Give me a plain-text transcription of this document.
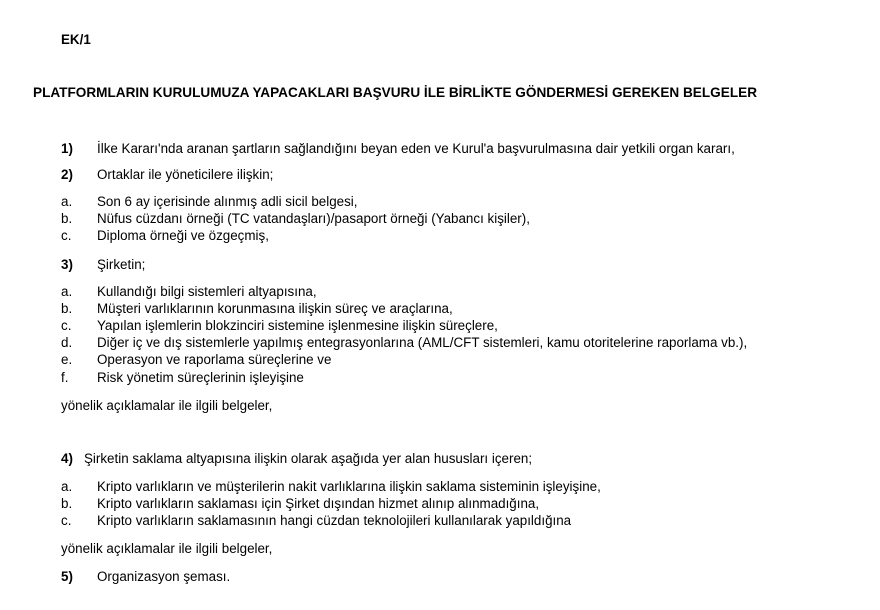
EK/1
PLATFORMLARIN KURULUMUZA YAPACAKLARI BAŞVURU İLE BİRLİKTE GÖNDERMESİ GEREKEN BELGELER
1) İlke Kararı'nda aranan şartların sağlandığını beyan eden ve Kurul'a başvurulmasına dair yetkili organ kararı,
2) Ortaklar ile yöneticilere ilişkin;
a. Son 6 ay içerisinde alınmış adli sicil belgesi,
b. Nüfus cüzdanı örneği (TC vatandaşları)/pasaport örneği (Yabancı kişiler),
c. Diploma örneği ve özgeçmiş,
3) Şirketin;
a. Kullandığı bilgi sistemleri altyapısına,
b. Müşteri varlıklarının korunmasına ilişkin süreç ve araçlarına,
c. Yapılan işlemlerin blokzinciri sistemine işlenmesine ilişkin süreçlere,
d. Diğer iç ve dış sistemlerle yapılmış entegrasyonlarına (AML/CFT sistemleri, kamu otoritelerine raporlama vb.),
e. Operasyon ve raporlama süreçlerine ve
f. Risk yönetim süreçlerinin işleyişine
yönelik açıklamalar ile ilgili belgeler,
4) Şirketin saklama altyapısına ilişkin olarak aşağıda yer alan hususları içeren;
a. Kripto varlıkların ve müşterilerin nakit varlıklarına ilişkin saklama sisteminin işleyişine,
b. Kripto varlıkların saklaması için Şirket dışından hizmet alınıp alınmadığına,
c. Kripto varlıkların saklamasının hangi cüzdan teknolojileri kullanılarak yapıldığına
yönelik açıklamalar ile ilgili belgeler,
5) Organizasyon şeması.
